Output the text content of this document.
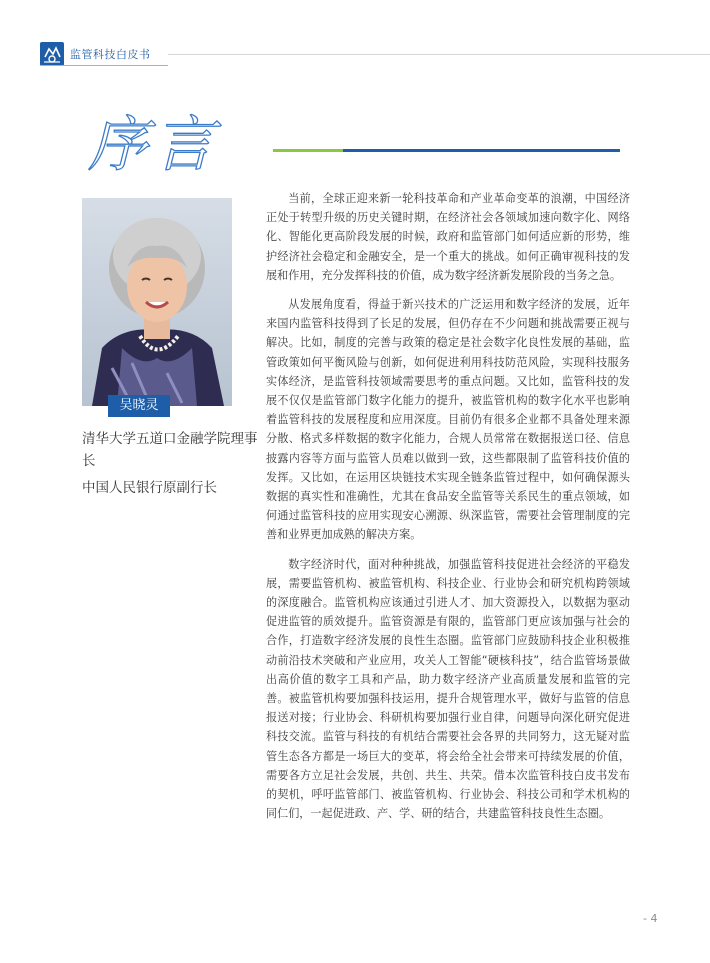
监管科技白皮书
序言
吴晓灵
清华大学五道口金融学院理事长
中国人民银行原副行长

当前，全球正迎来新一轮科技革命和产业革命变革的浪潮，中国经济正处于转型升级的历史关键时期，在经济社会各领域加速向数字化、网络化、智能化更高阶段发展的时候，政府和监管部门如何适应新的形势，维护经济社会稳定和金融安全，是一个重大的挑战。如何正确审视科技的发展和作用，充分发挥科技的价值，成为数字经济新发展阶段的当务之急。

从发展角度看，得益于新兴技术的广泛运用和数字经济的发展，近年来国内监管科技得到了长足的发展，但仍存在不少问题和挑战需要正视与解决。比如，制度的完善与政策的稳定是社会数字化良性发展的基础，监管政策如何平衡风险与创新，如何促进利用科技防范风险，实现科技服务实体经济，是监管科技领域需要思考的重点问题。又比如，监管科技的发展不仅仅是监管部门数字化能力的提升，被监管机构的数字化水平也影响着监管科技的发展程度和应用深度。目前仍有很多企业都不具备处理来源分散、格式多样数据的数字化能力，合规人员常常在数据报送口径、信息披露内容等方面与监管人员难以做到一致，这些都限制了监管科技价值的发挥。又比如，在运用区块链技术实现全链条监管过程中，如何确保源头数据的真实性和准确性，尤其在食品安全监管等关系民生的重点领域，如何通过监管科技的应用实现安心溯源、纵深监管，需要社会管理制度的完善和业界更加成熟的解决方案。

数字经济时代，面对种种挑战，加强监管科技促进社会经济的平稳发展，需要监管机构、被监管机构、科技企业、行业协会和研究机构跨领域的深度融合。监管机构应该通过引进人才、加大资源投入，以数据为驱动促进监管的质效提升。监管资源是有限的，监管部门更应该加强与社会的合作，打造数字经济发展的良性生态圈。监管部门应鼓励科技企业积极推动前沿技术突破和产业应用，攻关人工智能“硬核科技”，结合监管场景做出高价值的数字工具和产品，助力数字经济产业高质量发展和监管的完善。被监管机构要加强科技运用，提升合规管理水平，做好与监管的信息报送对接；行业协会、科研机构要加强行业自律，问题导向深化研究促进科技交流。监管与科技的有机结合需要社会各界的共同努力，这无疑对监管生态各方都是一场巨大的变革，将会给全社会带来可持续发展的价值，需要各方立足社会发展，共创、共生、共荣。借本次监管科技白皮书发布的契机，呼吁监管部门、被监管机构、行业协会、科技公司和学术机构的同仁们，一起促进政、产、学、研的结合，共建监管科技良性生态圈。

- 4
